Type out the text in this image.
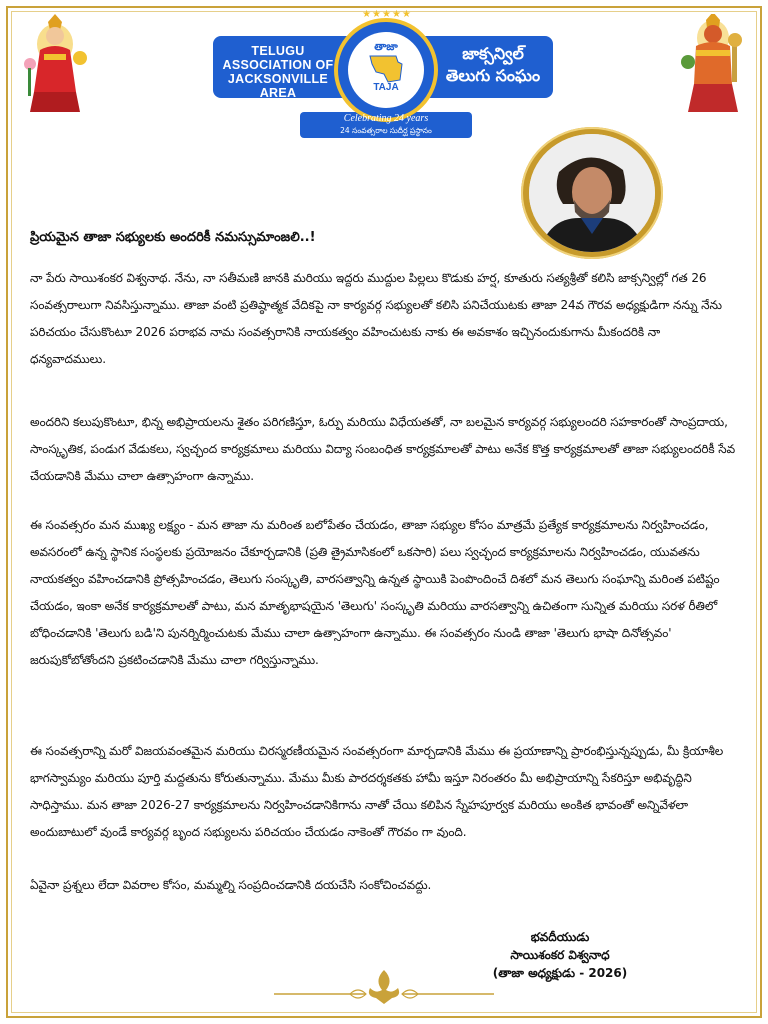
TELUGU ASSOCIATION OF JACKSONVILLE AREA
జాక్సన్విల్ తెలుగు సంఘం
★★★★★
తాజా
TAJA
Celebrating 24 years
24 సంవత్సరాల సుదీర్ఘ ప్రస్థానం
ప్రియమైన తాజా సభ్యులకు అందరికీ నమస్సుమాంజలి..!
నా పేరు సాయిశంకర విశ్వనాథ. నేను, నా సతీమణి జానకి మరియు ఇద్దరు ముద్దుల పిల్లలు కొడుకు హర్ష, కూతురు సత్యశ్రీతో కలిసి జాక్సన్విల్లో గత 26 సంవత్సరాలుగా నివసిస్తున్నాము. తాజా వంటి ప్రతిష్ఠాత్మక వేదికపై నా కార్యవర్గ సభ్యులతో కలిసి పనిచేయుటకు తాజా 24వ గౌరవ అధ్యక్షుడిగా నన్ను నేను పరిచయం చేసుకొంటూ 2026 పరాభవ నామ సంవత్సరానికి నాయకత్వం వహించుటకు నాకు ఈ అవకాశం ఇచ్చినందుకుగాను మీకందరికి నా ధన్యవాదములు.
అందరిని కలుపుకొంటూ, భిన్న అభిప్రాయలను శైతం పరిగణిస్తూ, ఓర్పు మరియు విధేయతతో, నా బలమైన కార్యవర్గ సభ్యులందరి సహకారంతో సాంప్రదాయ, సాంస్కృతిక, పండుగ వేడుకలు, స్వచ్ఛంద కార్యక్రమాలు మరియు విద్యా సంబంధిత కార్యక్రమాలతో పాటు అనేక కొత్త కార్యక్రమాలతో తాజా సభ్యులందరికీ సేవ చేయడానికి మేము చాలా ఉత్సాహంగా ఉన్నాము.
ఈ సంవత్సరం మన ముఖ్య లక్ష్యం - మన తాజా ను మరింత బలోపేతం చేయడం, తాజా సభ్యుల కోసం మాత్రమే ప్రత్యేక కార్యక్రమాలను నిర్వహించడం, అవసరంలో ఉన్న స్థానిక సంస్థలకు ప్రయోజనం చేకూర్చడానికి (ప్రతి త్రైమాసికంలో ఒకసారి) పలు స్వచ్ఛంద కార్యక్రమాలను నిర్వహించడం, యువతను నాయకత్వం వహించడానికి ప్రోత్సహించడం, తెలుగు సంస్కృతి, వారసత్వాన్ని ఉన్నత స్థాయికి పెంపొందించే దిశలో మన తెలుగు సంఘాన్ని మరింత పటిష్టం చేయడం, ఇంకా అనేక కార్యక్రమాలతో పాటు, మన మాతృభాషయైన 'తెలుగు' సంస్కృతి మరియు వారసత్వాన్ని ఉచితంగా సున్నిత మరియు సరళ రీతిలో బోధించడానికి 'తెలుగు బడి'ని పునర్నిర్మించుటకు మేము చాలా ఉత్సాహంగా ఉన్నాము. ఈ సంవత్సరం నుండి తాజా 'తెలుగు భాషా దినోత్సవం' జరుపుకోబోతోందని ప్రకటించడానికి మేము చాలా గర్విస్తున్నాము.
ఈ సంవత్సరాన్ని మరో విజయవంతమైన మరియు చిరస్మరణీయమైన సంవత్సరంగా మార్చడానికి మేము ఈ ప్రయాణాన్ని ప్రారంభిస్తున్నప్పుడు, మీ క్రియాశీల భాగస్వామ్యం మరియు పూర్తి మద్దతును కోరుతున్నాము. మేము మీకు పారదర్శకతకు హామీ ఇస్తూ నిరంతరం మీ అభిప్రాయాన్ని సేకరిస్తూ అభివృద్ధిని సాధిస్తాము. మన తాజా 2026-27 కార్యక్రమాలను నిర్వహించడానికిగాను నాతో చేయి కలిపిన స్నేహపూర్వక మరియు అంకిత భావంతో అన్నివేళలా అందుబాటులో వుండే కార్యవర్గ బృంద సభ్యులను పరిచయం చేయడం నాకెంతో గౌరవం గా వుంది.
ఏవైనా ప్రశ్నలు లేదా వివరాల కోసం, మమ్మల్ని సంప్రదించడానికి దయచేసి సంకోచించవద్దు.
భవదీయుడు
సాయిశంకర విశ్వనాధ
(తాజా అధ్యక్షుడు - 2026)
